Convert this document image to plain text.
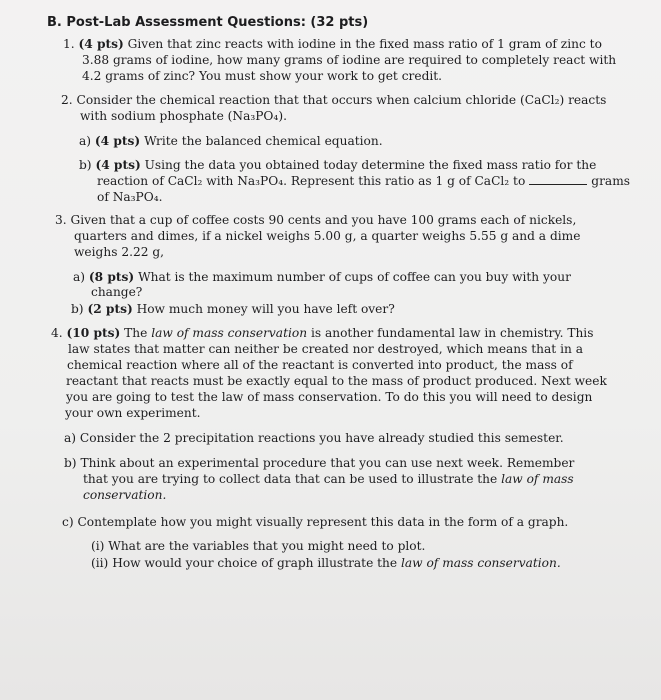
B. Post-Lab Assessment Questions: (32 pts)
1. (4 pts) Given that zinc reacts with iodine in the fixed mass ratio of 1 gram of zinc to
3.88 grams of iodine, how many grams of iodine are required to completely react with
4.2 grams of zinc? You must show your work to get credit.
2. Consider the chemical reaction that that occurs when calcium chloride (CaCl₂) reacts
with sodium phosphate (Na₃PO₄).
a) (4 pts) Write the balanced chemical equation.
b) (4 pts) Using the data you obtained today determine the fixed mass ratio for the
reaction of CaCl₂ with Na₃PO₄. Represent this ratio as 1 g of CaCl₂ to	grams
of Na₃PO₄.
3. Given that a cup of coffee costs 90 cents and you have 100 grams each of nickels,
quarters and dimes, if a nickel weighs 5.00 g, a quarter weighs 5.55 g and a dime
weighs 2.22 g,
a) (8 pts) What is the maximum number of cups of coffee can you buy with your
change?
b) (2 pts) How much money will you have left over?
4. (10 pts) The law of mass conservation is another fundamental law in chemistry. This
law states that matter can neither be created nor destroyed, which means that in a
chemical reaction where all of the reactant is converted into product, the mass of
reactant that reacts must be exactly equal to the mass of product produced. Next week
you are going to test the law of mass conservation. To do this you will need to design
your own experiment.
a) Consider the 2 precipitation reactions you have already studied this semester.
b) Think about an experimental procedure that you can use next week. Remember
that you are trying to collect data that can be used to illustrate the law of mass
conservation.
c) Contemplate how you might visually represent this data in the form of a graph.
(i) What are the variables that you might need to plot.
(ii) How would your choice of graph illustrate the law of mass conservation.
